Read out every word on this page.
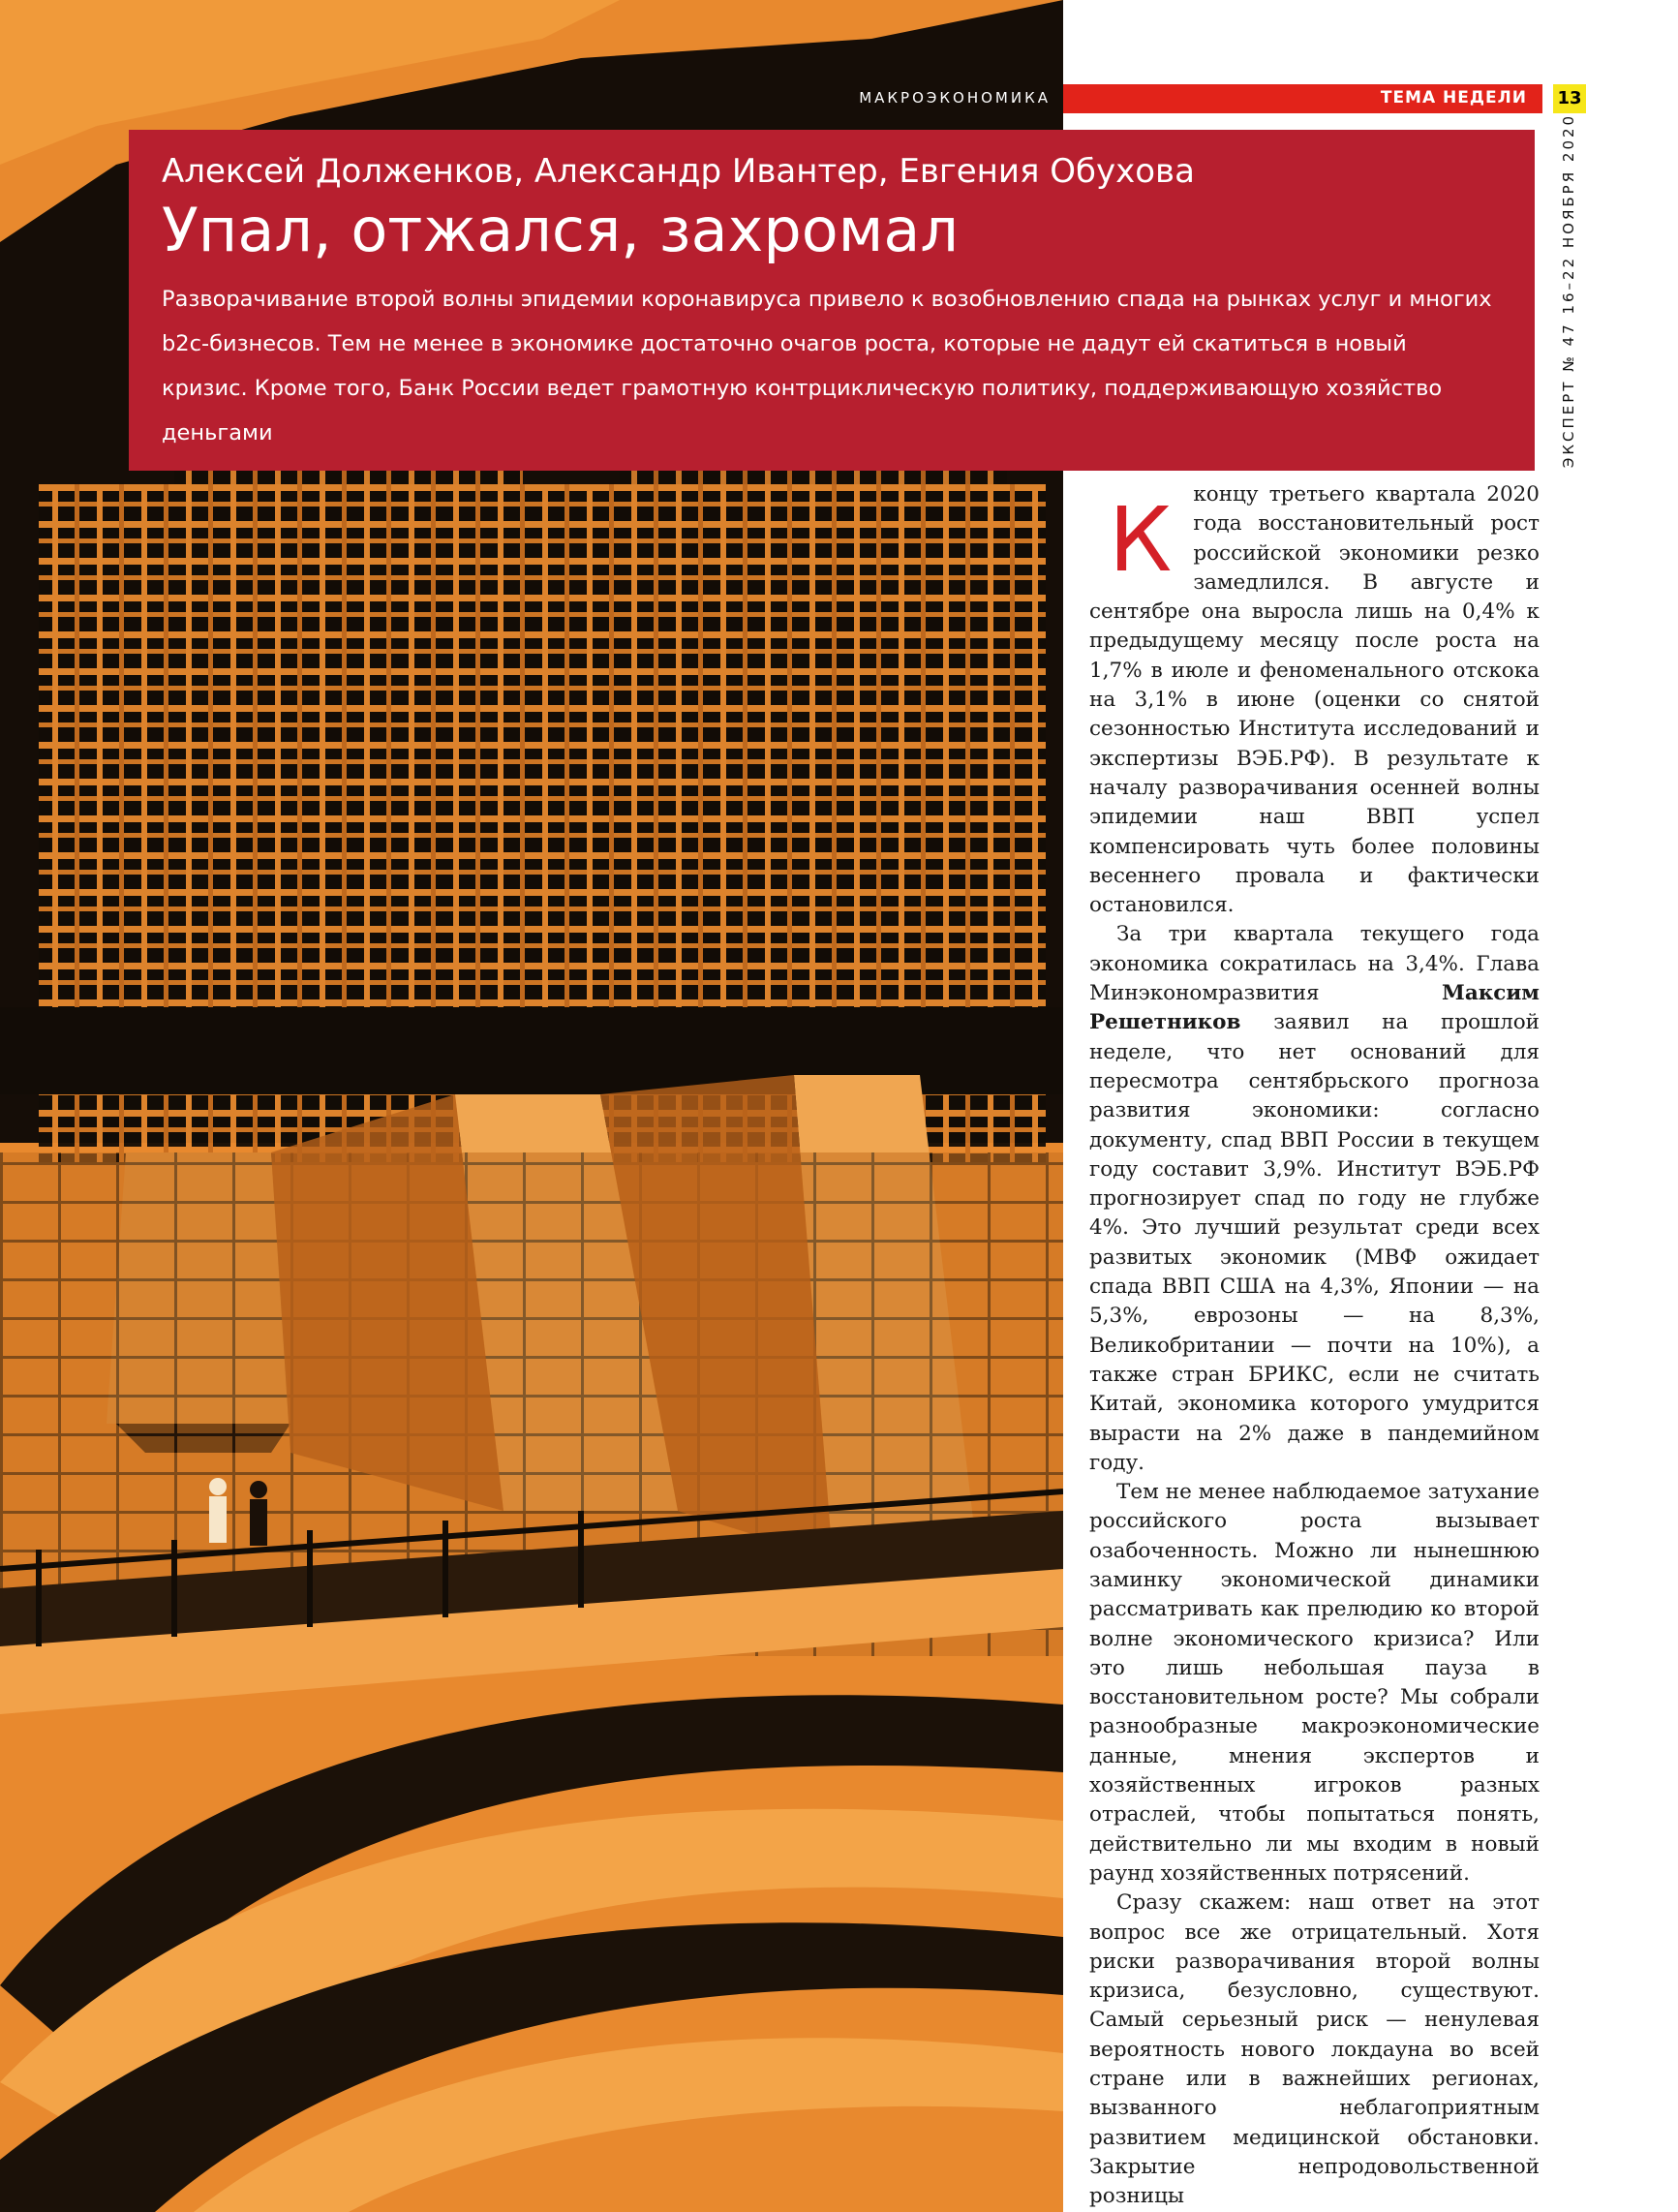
МАКРОЭКОНОМИКА	ТЕМА НЕДЕЛИ 13
ЭКСПЕРТ № 47 16–22 НОЯБРЯ 2020
Алексей Долженков, Александр Ивантер, Евгения Обухова
Упал, отжался, захромал
Разворачивание второй волны эпидемии коронавируса привело к возобновлению спада на рынках услуг и многих b2c-бизнесов. Тем не менее в экономике достаточно очагов роста, которые не дадут ей скатиться в новый кризис. Кроме того, Банк России ведет грамотную контрциклическую политику, поддерживающую хозяйство деньгами

К концу третьего квартала 2020 года восстановительный рост российской экономики резко замедлился. В августе и сентябре она выросла лишь на 0,4% к предыдущему месяцу после роста на 1,7% в июле и феноменального отскока на 3,1% в июне (оценки со снятой сезонностью Института исследований и экспертизы ВЭБ.РФ). В результате к началу разворачивания осенней волны эпидемии наш ВВП успел компенсировать чуть более половины весеннего провала и фактически остановился.

За три квартала текущего года экономика сократилась на 3,4%. Глава Минэкономразвития Максим Решетников заявил на прошлой неделе, что нет оснований для пересмотра сентябрьского прогноза развития экономики: согласно документу, спад ВВП России в текущем году составит 3,9%. Институт ВЭБ.РФ прогнозирует спад по году не глубже 4%. Это лучший результат среди всех развитых экономик (МВФ ожидает спада ВВП США на 4,3%, Японии — на 5,3%, еврозоны — на 8,3%, Великобритании — почти на 10%), а также стран БРИКС, если не считать Китай, экономика которого умудрится вырасти на 2% даже в пандемийном году.

Тем не менее наблюдаемое затухание российского роста вызывает озабоченность. Можно ли нынешнюю заминку экономической динамики рассматривать как прелюдию ко второй волне экономического кризиса? Или это лишь небольшая пауза в восстановительном росте? Мы собрали разнообразные макроэкономические данные, мнения экспертов и хозяйственных игроков разных отраслей, чтобы попытаться понять, действительно ли мы входим в новый раунд хозяйственных потрясений.

Сразу скажем: наш ответ на этот вопрос все же отрицательный. Хотя риски разворачивания второй волны кризиса, безусловно, существуют. Самый серьезный риск — ненулевая вероятность нового локдауна во всей стране или в важнейших регионах, вызванного неблагоприятным развитием медицинской обстановки. Закрытие непродовольственной розницы
